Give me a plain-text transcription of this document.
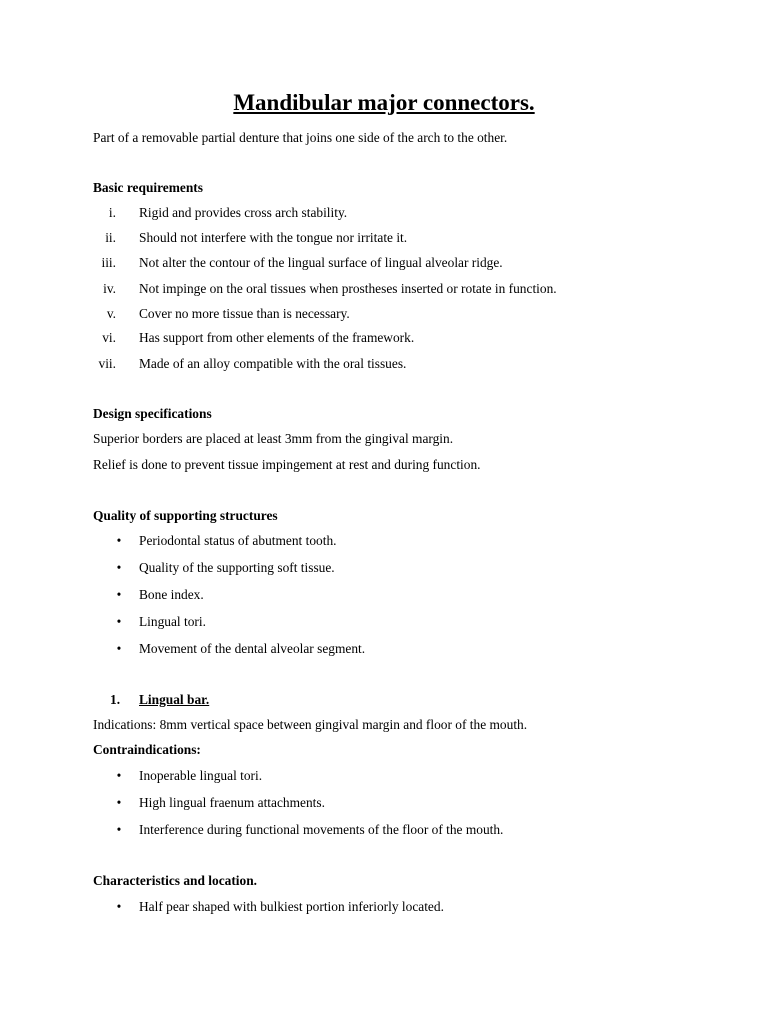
Mandibular major connectors.
Part of a removable partial denture that joins one side of the arch to the other.
Basic requirements
i. Rigid and provides cross arch stability.
ii. Should not interfere with the tongue nor irritate it.
iii. Not alter the contour of the lingual surface of lingual alveolar ridge.
iv. Not impinge on the oral tissues when prostheses inserted or rotate in function.
v. Cover no more tissue than is necessary.
vi. Has support from other elements of the framework.
vii. Made of an alloy compatible with the oral tissues.
Design specifications
Superior borders are placed at least 3mm from the gingival margin.
Relief is done to prevent tissue impingement at rest and during function.
Quality of supporting structures
• Periodontal status of abutment tooth.
• Quality of the supporting soft tissue.
• Bone index.
• Lingual tori.
• Movement of the dental alveolar segment.
1. Lingual bar.
Indications: 8mm vertical space between gingival margin and floor of the mouth.
Contraindications:
• Inoperable lingual tori.
• High lingual fraenum attachments.
• Interference during functional movements of the floor of the mouth.
Characteristics and location.
• Half pear shaped with bulkiest portion inferiorly located.
